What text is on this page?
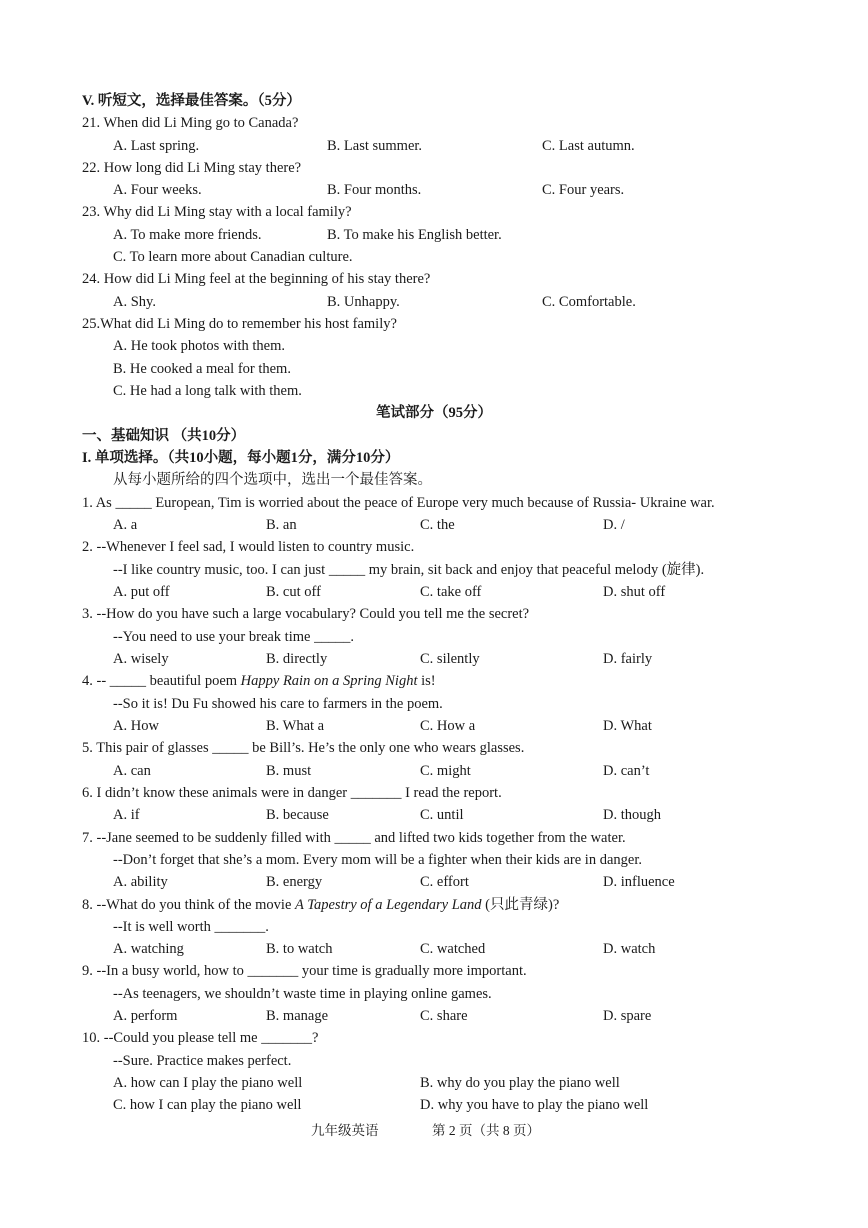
V. 听短文，选择最佳答案。（5分）
21. When did Li Ming go to Canada?
A. Last spring.	B. Last summer.	C. Last autumn.
22. How long did Li Ming stay there?
A. Four weeks.	B. Four months.	C. Four years.
23. Why did Li Ming stay with a local family?
A. To make more friends.	B. To make his English better.
C. To learn more about Canadian culture.
24. How did Li Ming feel at the beginning of his stay there?
A. Shy.	B. Unhappy.	C. Comfortable.
25.What did Li Ming do to remember his host family?
A. He took photos with them.
B. He cooked a meal for them.
C. He had a long talk with them.
笔试部分（95分）
一、基础知识 （共10分）
I. 单项选择。（共10小题，每小题1分，满分10分）
从每小题所给的四个选项中，选出一个最佳答案。
1. As _____ European, Tim is worried about the peace of Europe very much because of Russia- Ukraine war.
A. a	B. an	C. the	D. /
2. --Whenever I feel sad, I would listen to country music.
--I like country music, too. I can just _____ my brain, sit back and enjoy that peaceful melody (旋律).
A. put off	B. cut off	C. take off	D. shut off
3. --How do you have such a large vocabulary? Could you tell me the secret?
--You need to use your break time _____.
A. wisely	B. directly	C. silently	D. fairly
4. -- _____ beautiful poem Happy Rain on a Spring Night is!
--So it is! Du Fu showed his care to farmers in the poem.
A. How	B. What a	C. How a	D. What
5. This pair of glasses _____ be Bill’s. He’s the only one who wears glasses.
A. can	B. must	C. might	D. can’t
6. I didn’t know these animals were in danger _______ I read the report.
A. if	B. because	C. until	D. though
7. --Jane seemed to be suddenly filled with _____ and lifted two kids together from the water.
--Don’t forget that she’s a mom. Every mom will be a fighter when their kids are in danger.
A. ability	B. energy	C. effort	D. influence
8. --What do you think of the movie A Tapestry of a Legendary Land (只此青绿)?
--It is well worth _______.
A. watching	B. to watch	C. watched	D. watch
9. --In a busy world, how to _______ your time is gradually more important.
--As teenagers, we shouldn’t waste time in playing online games.
A. perform	B. manage	C. share	D. spare
10. --Could you please tell me _______?
--Sure. Practice makes perfect.
A. how can I play the piano well	B. why do you play the piano well
C. how I can play the piano well	D. why you have to play the piano well
九年级英语	第 2 页（共 8 页）
